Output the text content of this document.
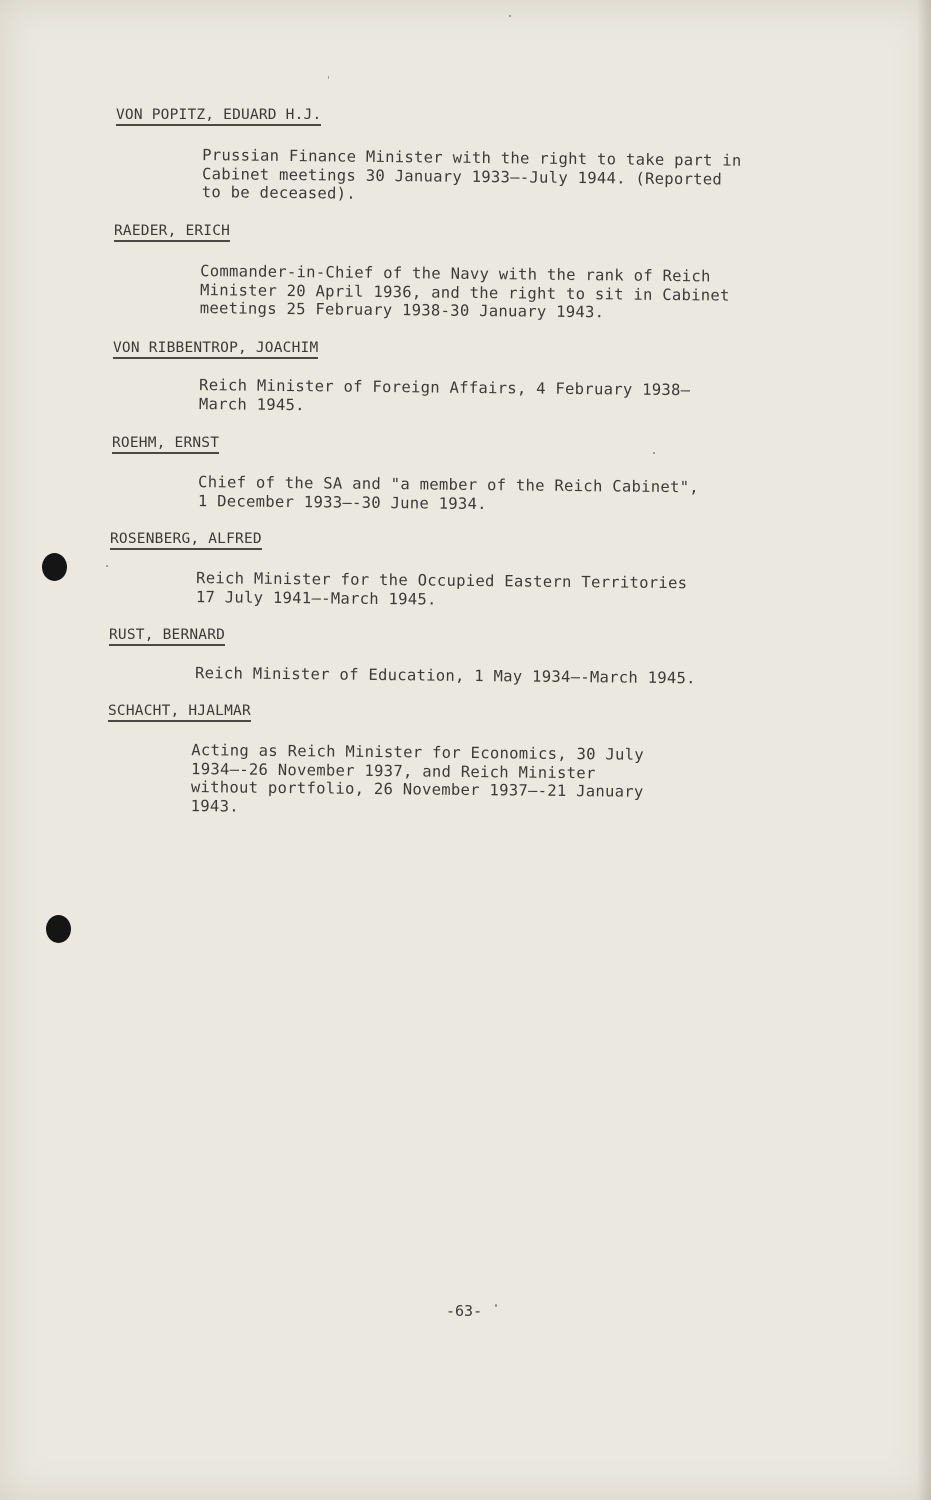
VON POPITZ, EDUARD H.J.
Prussian Finance Minister with the right to take part in
Cabinet meetings 30 January 1933—-July 1944. (Reported
to be deceased).
RAEDER, ERICH
Commander-in-Chief of the Navy with the rank of Reich
Minister 20 April 1936, and the right to sit in Cabinet
meetings 25 February 1938-30 January 1943.
VON RIBBENTROP, JOACHIM
Reich Minister of Foreign Affairs, 4 February 1938—
March 1945.
ROEHM, ERNST
Chief of the SA and "a member of the Reich Cabinet",
1 December 1933—-30 June 1934.
ROSENBERG, ALFRED
Reich Minister for the Occupied Eastern Territories
17 July 1941—-March 1945.
RUST, BERNARD
Reich Minister of Education, 1 May 1934—-March 1945.
SCHACHT, HJALMAR
Acting as Reich Minister for Economics, 30 July
1934—-26 November 1937, and Reich Minister
without portfolio, 26 November 1937—-21 January
1943.
-63-
